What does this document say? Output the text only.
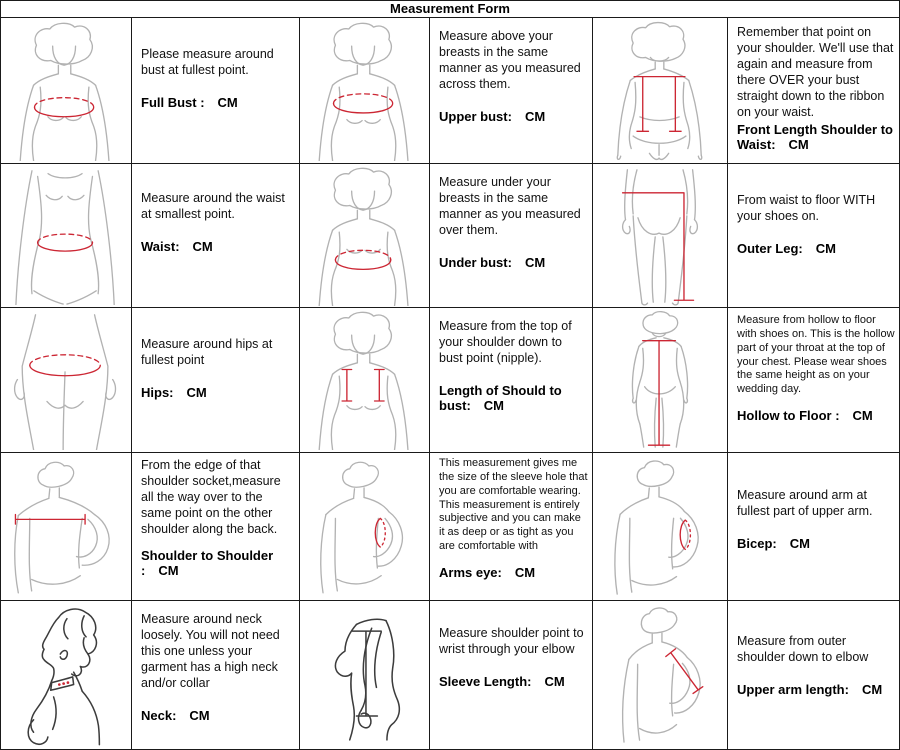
Measurement Form
Please measure around bust at fullest point.
Full Bust : CM
Measure above your breasts in the same manner as you measured across them.
Upper bust: CM
Remember that point on your shoulder. We'll use that again and measure from there OVER your bust straight down to the ribbon on your waist.
Front Length Shoulder to Waist: CM
Measure around the waist at smallest point.
Waist: CM
Measure under your breasts in the same manner as you measured over them.
Under bust: CM
From waist to floor WITH your shoes on.
Outer Leg: CM
Measure around hips at fullest point
Hips: CM
Measure from the top of your shoulder down to bust point (nipple).
Length of Should to bust: CM
Measure from hollow to floor with shoes on. This is the hollow part of your throat at the top of your chest. Please wear shoes the same height as on your wedding day.
Hollow to Floor : CM
From the edge of that shoulder socket,measure all the way over to the same point on the other shoulder along the back.
Shoulder to Shoulder : CM
This measurement gives me the size of the sleeve hole that you are comfortable wearing. This measurement is entirely subjective and you can make it as deep or as tight as you are comfortable with
Arms eye: CM
Measure around arm at fullest part of upper arm.
Bicep: CM
Measure around neck loosely. You will not need this one unless your garment has a high neck and/or collar
Neck: CM
Measure shoulder point to wrist through your elbow
Sleeve Length: CM
Measure from outer shoulder down to elbow
Upper arm length: CM
